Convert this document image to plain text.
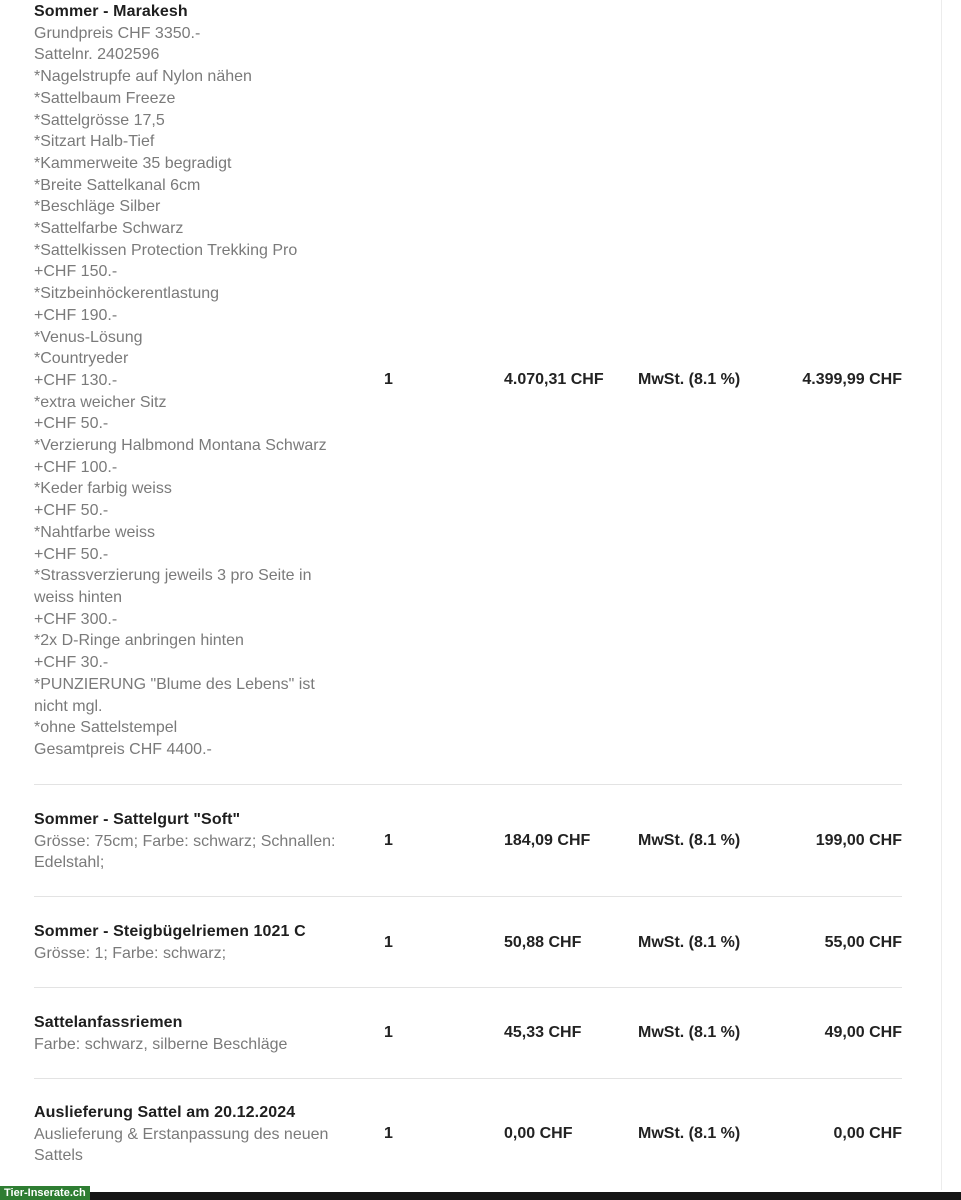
Sommer - Marakesh
Grundpreis CHF 3350.-
Sattelnr. 2402596
*Nagelstrupfe auf Nylon nähen
*Sattelbaum Freeze
*Sattelgrösse 17,5
*Sitzart Halb-Tief
*Kammerweite 35 begradigt
*Breite Sattelkanal 6cm
*Beschläge Silber
*Sattelfarbe Schwarz
*Sattelkissen Protection Trekking Pro
+CHF 150.-
*Sitzbeinhöckerentlastung
+CHF 190.-
*Venus-Lösung
*Countryeder
+CHF 130.-
*extra weicher Sitz
+CHF 50.-
*Verzierung Halbmond Montana Schwarz
+CHF 100.-
*Keder farbig weiss
+CHF 50.-
*Nahtfarbe weiss
+CHF 50.-
*Strassverzierung jeweils 3 pro Seite in
weiss hinten
+CHF 300.-
*2x D-Ringe anbringen hinten
+CHF 30.-
*PUNZIERUNG "Blume des Lebens" ist
nicht mgl.
*ohne Sattelstempel
Gesamtpreis CHF 4400.-
1	4.070,31 CHF MwSt. (8.1 %)	4.399,99 CHF
Sommer - Sattelgurt "Soft"
Grösse: 75cm; Farbe: schwarz; Schnallen:
Edelstahl;
1	184,09 CHF	MwSt. (8.1 %)	199,00 CHF
Sommer - Steigbügelriemen 1021 C
Grösse: 1; Farbe: schwarz;
1	50,88 CHF	MwSt. (8.1 %)	55,00 CHF
Sattelanfassriemen
Farbe: schwarz, silberne Beschläge
1	45,33 CHF	MwSt. (8.1 %)	49,00 CHF
Auslieferung Sattel am 20.12.2024
Auslieferung & Erstanpassung des neuen
Sattels
1	0,00 CHF	MwSt. (8.1 %)	0,00 CHF
Tier-Inserate.ch
